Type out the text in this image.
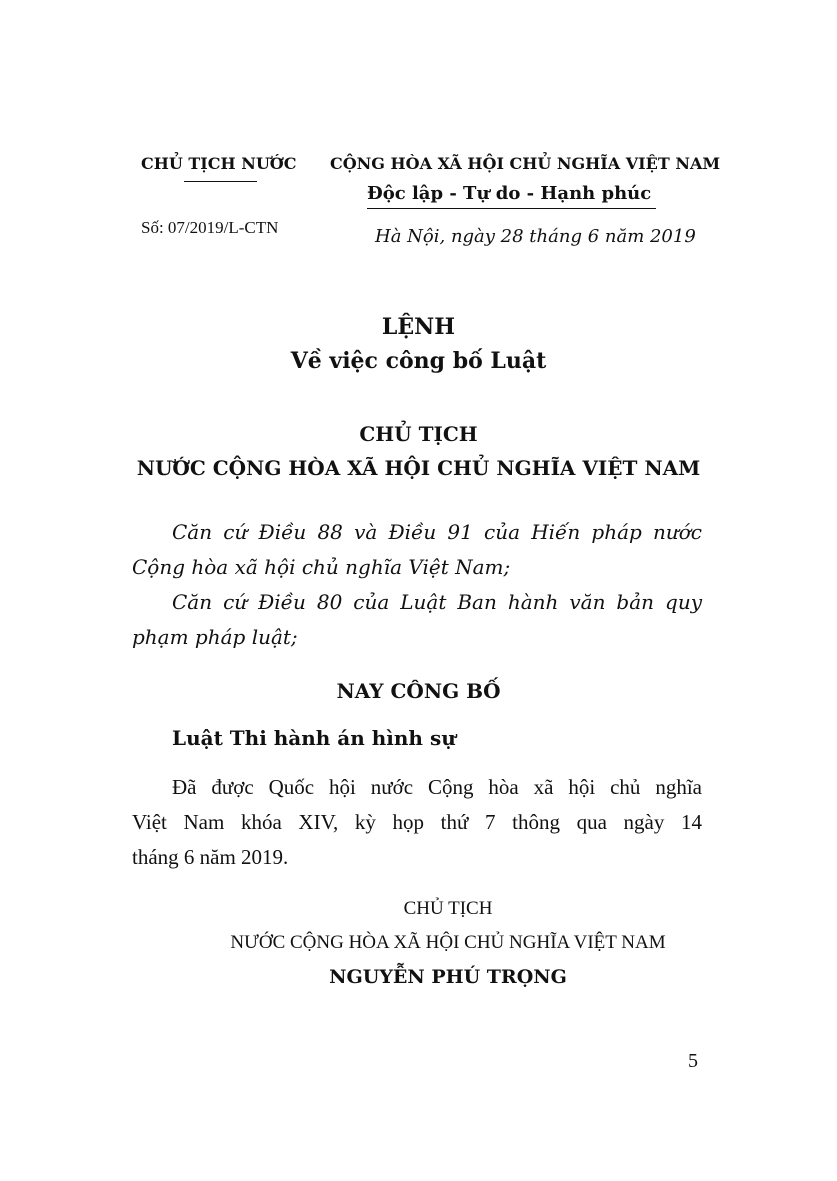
CHỦ TỊCH NƯỚC CỘNG HÒA XÃ HỘI CHỦ NGHĨA VIỆT NAM
Độc lập - Tự do - Hạnh phúc
Số: 07/2019/L-CTN	Hà Nội, ngày 28 tháng 6 năm 2019
LỆNH
Về việc công bố Luật
CHỦ TỊCH
NƯỚC CỘNG HÒA XÃ HỘI CHỦ NGHĨA VIỆT NAM

Căn cứ Điều 88 và Điều 91 của Hiến pháp nước

Cộng hòa xã hội chủ nghĩa Việt Nam;

Căn cứ Điều 80 của Luật Ban hành văn bản quy

phạm pháp luật;

NAY CÔNG BỐ
Luật Thi hành án hình sự

Đã được Quốc hội nước Cộng hòa xã hội chủ nghĩa

Việt Nam khóa XIV, kỳ họp thứ 7 thông qua ngày 14

tháng 6 năm 2019.

CHỦ TỊCH
NƯỚC CỘNG HÒA XÃ HỘI CHỦ NGHĨA VIỆT NAM
NGUYỄN PHÚ TRỌNG
5
